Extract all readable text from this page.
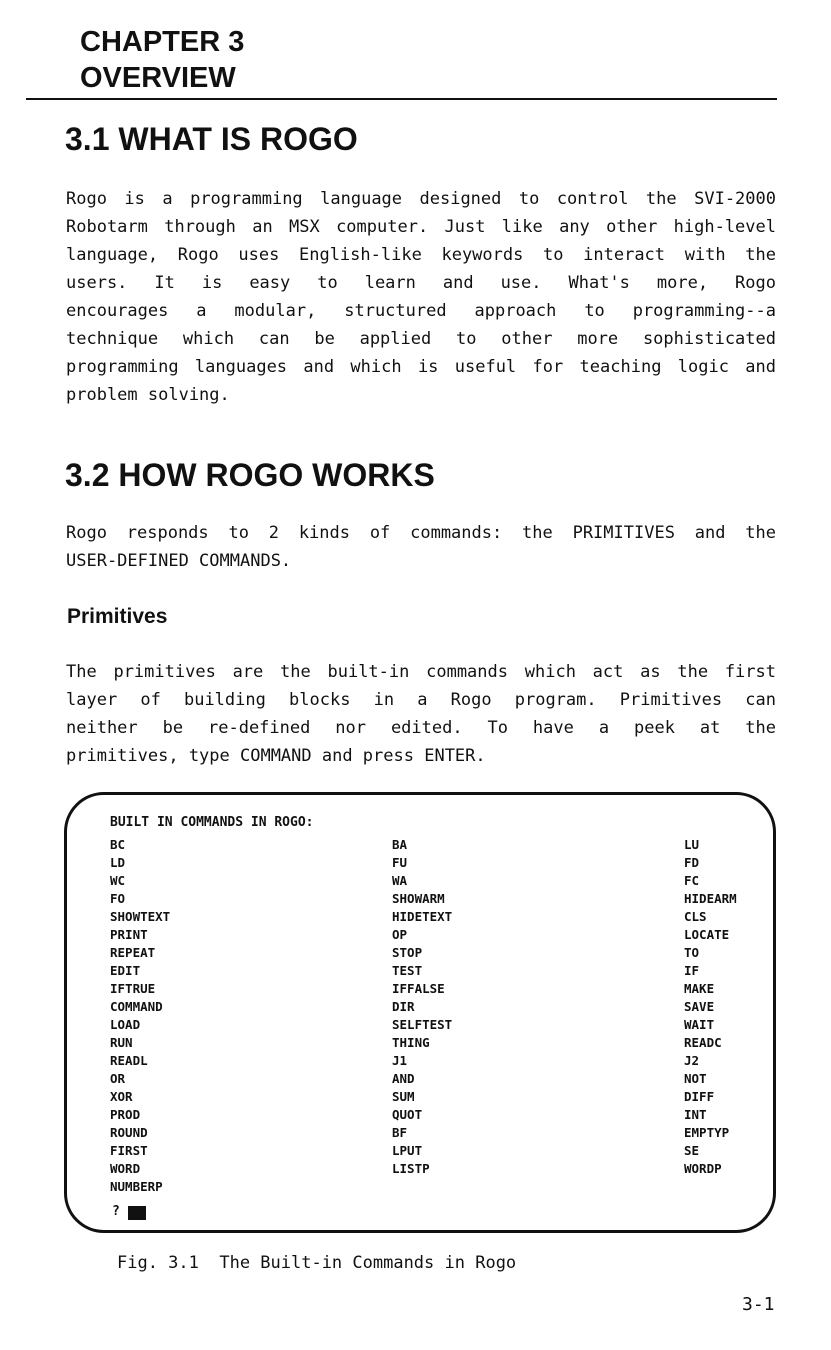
CHAPTER 3
OVERVIEW
3.1 WHAT IS ROGO
Rogo is a programming language designed to control the SVI-2000
Robotarm through an MSX computer. Just like any other high-level
language, Rogo uses English-like keywords to interact with the
users. It is easy to learn and use. What's more, Rogo
encourages a modular, structured approach to programming--a
technique which can be applied to other more sophisticated
programming languages and which is useful for teaching logic and
problem solving.
3.2 HOW ROGO WORKS
Rogo responds to 2 kinds of commands: the PRIMITIVES and the
USER-DEFINED COMMANDS.
Primitives
The primitives are the built-in commands which act as the first
layer of building blocks in a Rogo program. Primitives can
neither be re-defined nor edited. To have a peek at the
primitives, type COMMAND and press ENTER.
BUILT IN COMMANDS IN ROGO:
BC
LD
WC
FO
SHOWTEXT
PRINT
REPEAT
EDIT
IFTRUE
COMMAND
LOAD
RUN
READL
OR
XOR
PROD
ROUND
FIRST
WORD
NUMBERP
BA
FU
WA
SHOWARM
HIDETEXT
OP
STOP
TEST
IFFALSE
DIR
SELFTEST
THING
J1
AND
SUM
QUOT
BF
LPUT
LISTP
LU
FD
FC
HIDEARM
CLS
LOCATE
TO
IF
MAKE
SAVE
WAIT
READC
J2
NOT
DIFF
INT
EMPTYP
SE
WORDP
?

Fig. 3.1  The Built-in Commands in Rogo

3-1
